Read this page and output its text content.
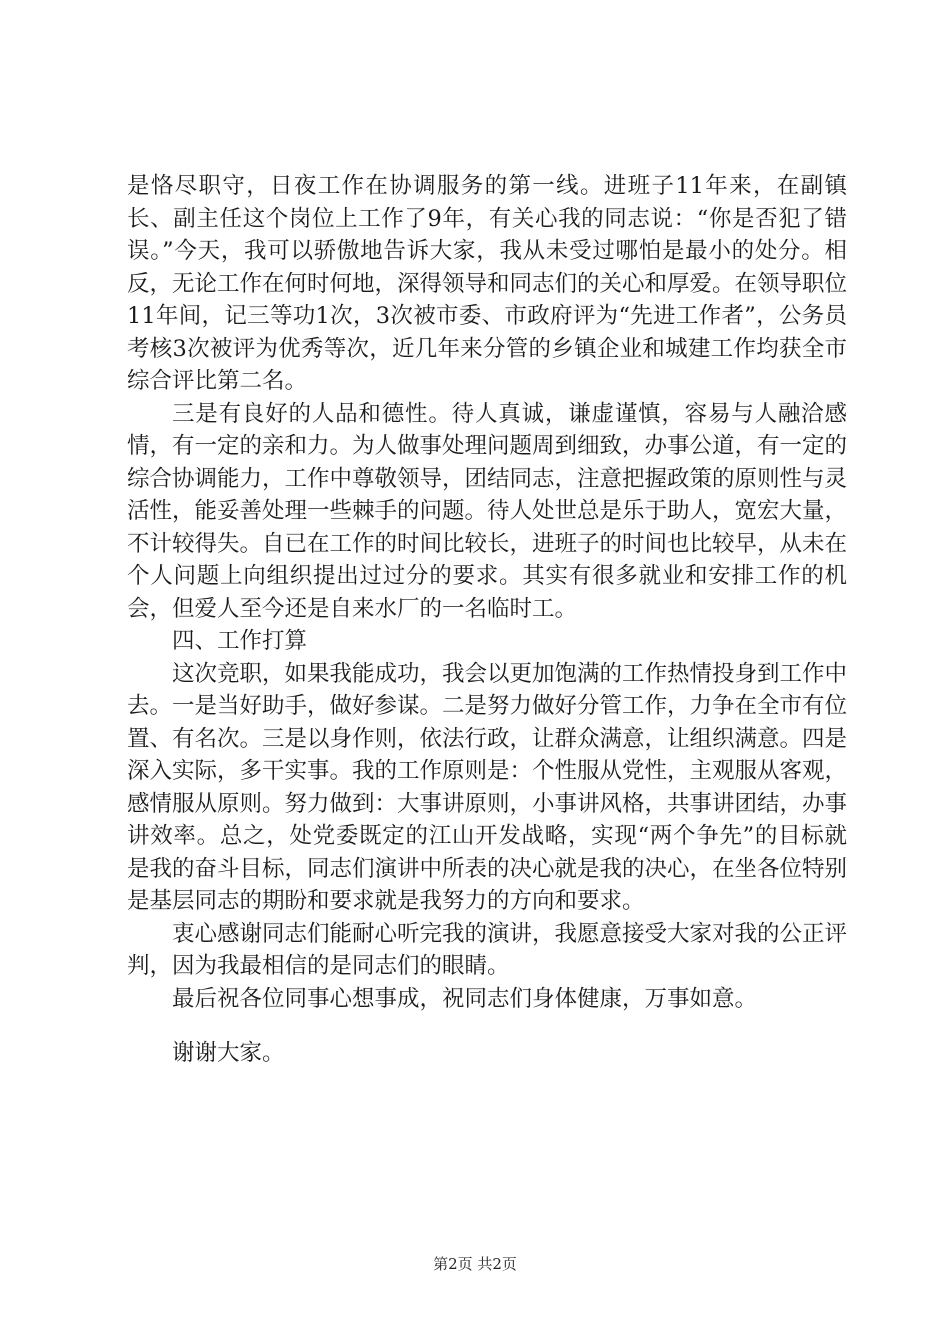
是恪尽职守，日夜工作在协调服务的第一线。进班子11年来，在副镇长、副主任这个岗位上工作了9年，有关心我的同志说：“你是否犯了错误。”今天，我可以骄傲地告诉大家，我从未受过哪怕是最小的处分。相反，无论工作在何时何地，深得领导和同志们的关心和厚爱。在领导职位11年间，记三等功1次，3次被市委、市政府评为“先进工作者”，公务员考核3次被评为优秀等次，近几年来分管的乡镇企业和城建工作均获全市综合评比第二名。

三是有良好的人品和德性。待人真诚，谦虚谨慎，容易与人融洽感情，有一定的亲和力。为人做事处理问题周到细致，办事公道，有一定的综合协调能力，工作中尊敬领导，团结同志，注意把握政策的原则性与灵活性，能妥善处理一些棘手的问题。待人处世总是乐于助人，宽宏大量，不计较得失。自已在工作的时间比较长，进班子的时间也比较早，从未在个人问题上向组织提出过过分的要求。其实有很多就业和安排工作的机会，但爱人至今还是自来水厂的一名临时工。

四、工作打算

这次竞职，如果我能成功，我会以更加饱满的工作热情投身到工作中去。一是当好助手，做好参谋。二是努力做好分管工作，力争在全市有位置、有名次。三是以身作则，依法行政，让群众满意，让组织满意。四是深入实际，多干实事。我的工作原则是：个性服从党性，主观服从客观，感情服从原则。努力做到：大事讲原则，小事讲风格，共事讲团结，办事讲效率。总之，处党委既定的江山开发战略，实现“两个争先”的目标就是我的奋斗目标，同志们演讲中所表的决心就是我的决心，在坐各位特别是基层同志的期盼和要求就是我努力的方向和要求。

衷心感谢同志们能耐心听完我的演讲，我愿意接受大家对我的公正评判，因为我最相信的是同志们的眼睛。

最后祝各位同事心想事成，祝同志们身体健康，万事如意。

谢谢大家。

第2页 共2页
